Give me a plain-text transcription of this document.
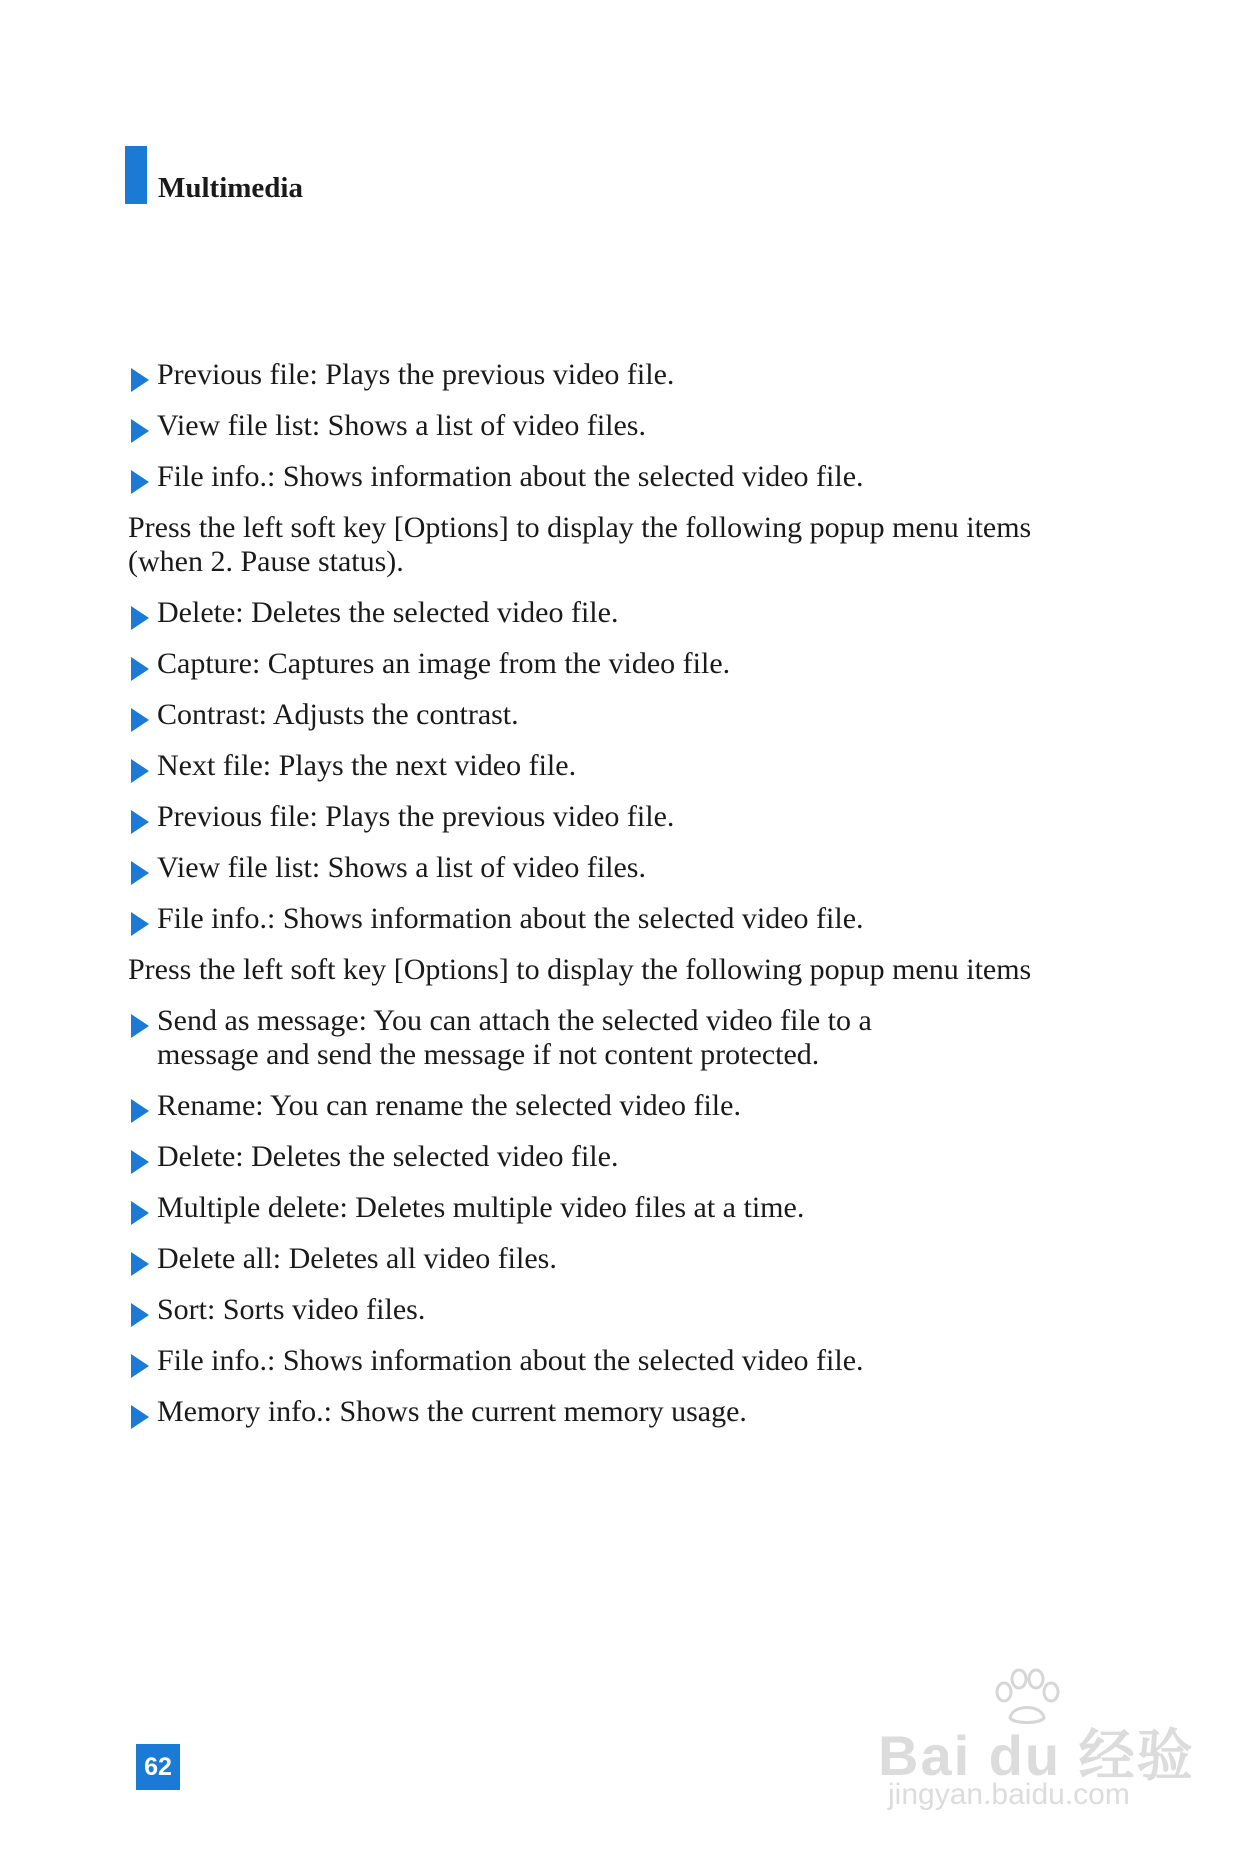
Multimedia
Previous file: Plays the previous video file.
View file list: Shows a list of video files.
File info.: Shows information about the selected video file.
Press the left soft key [Options] to display the following popup menu items
(when 2. Pause status).
Delete: Deletes the selected video file.
Capture: Captures an image from the video file.
Contrast: Adjusts the contrast.
Next file: Plays the next video file.
Previous file: Plays the previous video file.
View file list: Shows a list of video files.
File info.: Shows information about the selected video file.
Press the left soft key [Options] to display the following popup menu items
Send as message: You can attach the selected video file to a message and send the message if not content protected.
Rename: You can rename the selected video file.
Delete: Deletes the selected video file.
Multiple delete: Deletes multiple video files at a time.
Delete all: Deletes all video files.
Sort: Sorts video files.
File info.: Shows information about the selected video file.
Memory info.: Shows the current memory usage.
62	Bai du 经验
jingyan.baidu.com
